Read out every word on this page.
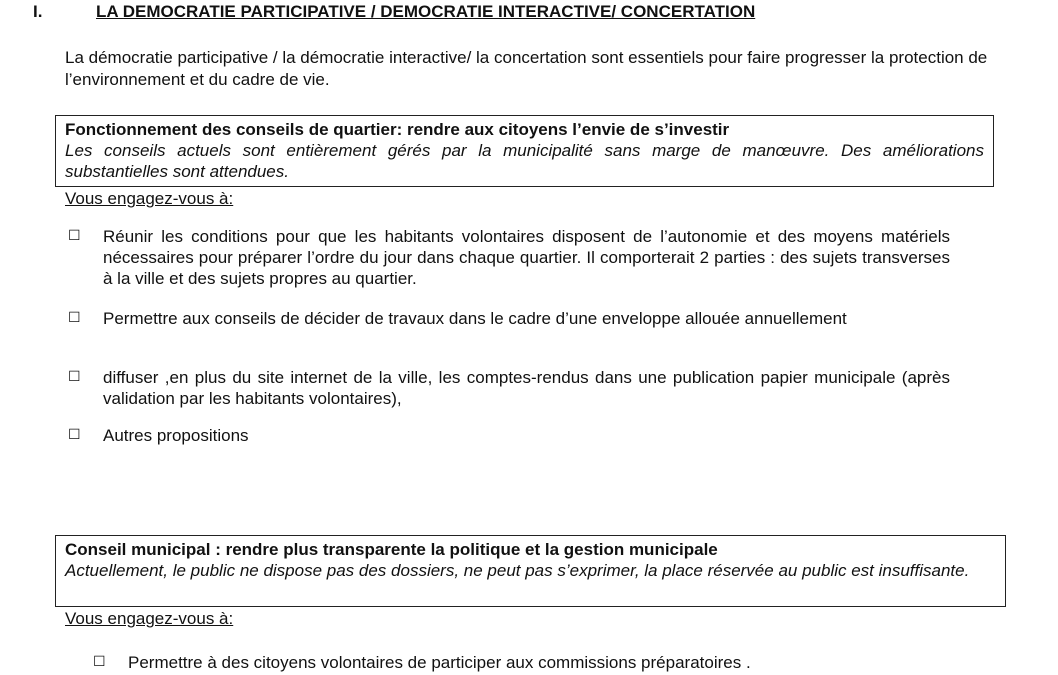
I.	LA DEMOCRATIE PARTICIPATIVE / DEMOCRATIE INTERACTIVE/ CONCERTATION
La démocratie participative / la démocratie interactive/ la concertation sont essentiels pour faire progresser la protection de l’environnement et du cadre de vie.
Fonctionnement des conseils de quartier: rendre aux citoyens l’envie de s’investir
Les conseils actuels sont entièrement gérés par la municipalité sans marge de manœuvre. Des améliorations substantielles sont attendues.
Vous engagez-vous à:
☐	Réunir les conditions pour que les habitants volontaires disposent de l’autonomie et des moyens matériels nécessaires pour préparer l’ordre du jour dans chaque quartier. Il comporterait 2 parties : des sujets transverses à la ville et des sujets propres au quartier.
☐	Permettre aux conseils de décider de travaux dans le cadre d’une enveloppe allouée annuellement
☐	diffuser ,en plus du site internet de la ville, les comptes-rendus dans une publication papier municipale (après validation par les habitants volontaires),
☐	Autres propositions
Conseil municipal : rendre plus transparente la politique et la gestion municipale
Actuellement, le public ne dispose pas des dossiers, ne peut pas s’exprimer, la place réservée au public est insuffisante.
Vous engagez-vous à:
☐	Permettre à des citoyens volontaires de participer aux commissions préparatoires .
